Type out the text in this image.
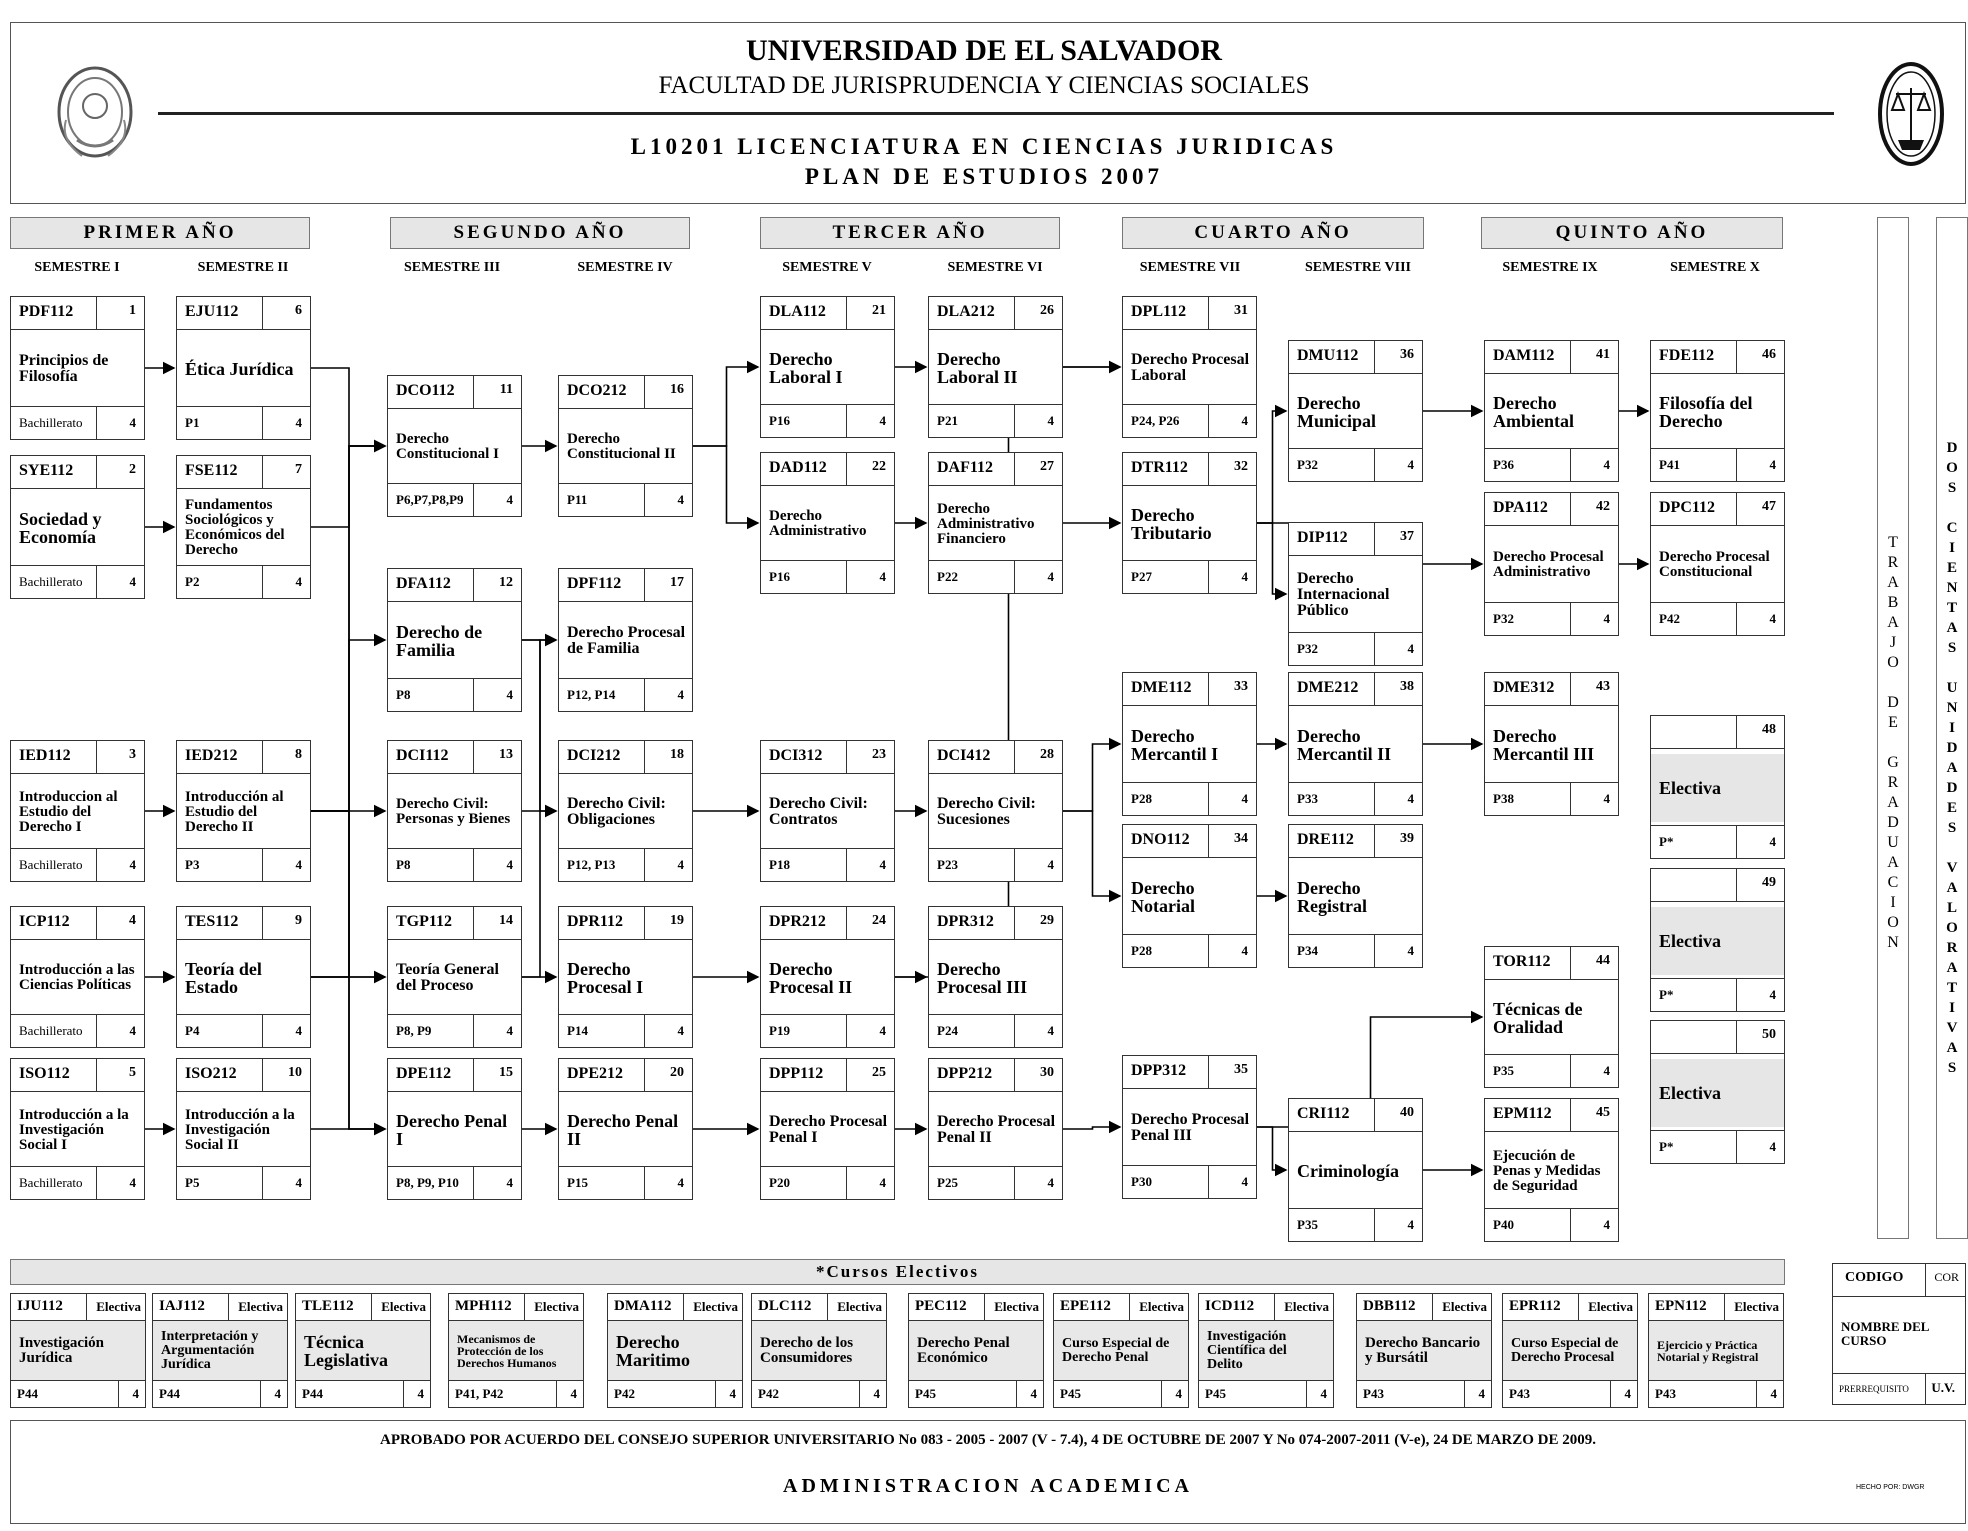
UNIVERSIDAD DE EL SALVADOR
FACULTAD DE JURISPRUDENCIA Y CIENCIAS SOCIALES
L10201 LICENCIATURA EN CIENCIAS JURIDICAS
PLAN DE ESTUDIOS 2007
PRIMER AÑO	SEGUNDO AÑO	TERCER AÑO	CUARTO AÑO	QUINTO AÑO
SEMESTRE I	SEMESTRE II	SEMESTRE III	SEMESTRE IV	SEMESTRE V	SEMESTRE VI	SEMESTRE VII	SEMESTRE VIII	SEMESTRE IX	SEMESTRE X
PDF112	1
Principios de Filosofía
Bachillerato	4
SYE112	2
Sociedad y Economía
Bachillerato	4
IED112	3
Introduccion al Estudio del Derecho I
Bachillerato	4
ICP112	4
Introducción a las Ciencias Políticas
Bachillerato	4
ISO112	5
Introducción a la Investigación Social I
Bachillerato	4
EJU112	6
Ética Jurídica
P1	4
FSE112	7
Fundamentos Sociológicos y Económicos del Derecho
P2	4
IED212	8
Introducción al Estudio del Derecho II
P3	4
TES112	9
Teoría del Estado
P4	4
ISO212	10
Introducción a la Investigación Social II
P5	4
DCO112	11
Derecho Constitucional I
P6,P7,P8,P9	4
DFA112	12
Derecho de Familia
P8	4
DCI112	13
Derecho Civil: Personas y Bienes
P8	4
TGP112	14
Teoría General del Proceso
P8, P9	4
DPE112	15
Derecho Penal I
P8, P9, P10	4
DCO212	16
Derecho Constitucional II
P11	4
DPF112	17
Derecho Procesal de Familia
P12, P14	4
DCI212	18
Derecho Civil: Obligaciones
P12, P13	4
DPR112	19
Derecho Procesal I
P14	4
DPE212	20
Derecho Penal II
P15	4
DLA112	21
Derecho Laboral I
P16	4
DAD112	22
Derecho Administrativo
P16	4
DCI312	23
Derecho Civil: Contratos
P18	4
DPR212	24
Derecho Procesal II
P19	4
DPP112	25
Derecho Procesal Penal I
P20	4
DLA212	26
Derecho Laboral II
P21	4
DAF112	27
Derecho Administrativo Financiero
P22	4
DCI412	28
Derecho Civil: Sucesiones
P23	4
DPR312	29
Derecho Procesal III
P24	4
DPP212	30
Derecho Procesal Penal II
P25	4
DPL112	31
Derecho Procesal Laboral
P24, P26	4
DTR112	32
Derecho Tributario
P27	4
DME112	33
Derecho Mercantil I
P28	4
DNO112	34
Derecho Notarial
P28	4
DPP312	35
Derecho Procesal Penal III
P30	4
DMU112	36
Derecho Municipal
P32	4
DIP112	37
Derecho Internacional Público
P32	4
DME212	38
Derecho Mercantil II
P33	4
DRE112	39
Derecho Registral
P34	4
CRI112	40
Criminología
P35	4
DAM112	41
Derecho Ambiental
P36	4
DPA112	42
Derecho Procesal Administrativo
P32	4
DME312	43
Derecho Mercantil III
P38	4
TOR112	44
Técnicas de Oralidad
P35	4
EPM112	45
Ejecución de Penas y Medidas de Seguridad
P40	4
FDE112	46
Filosofía del Derecho
P41	4
DPC112	47
Derecho Procesal Constitucional
P42	4
48
Electiva
P*	4
49
Electiva
P*	4
50
Electiva
P*	4
T
R
A
B
A
J
O

D
E

G
R
A
D
U
A
C
I
O
N
D
O
S

C
I
E
N
T
A
S

U
N
I
D
A
D
E
S

V
A
L
O
R
A
T
I
V
A
S
*Cursos Electivos
IJU112	Electiva
Investigación Jurídica
P44	4
IAJ112	Electiva
Interpretación y Argumentación Jurídica
P44	4
TLE112 Electiva
Técnica Legislativa
P44	4
MPH112 Electiva
Mecanismos de Protección de los Derechos Humanos
P41, P42	4
DMA112 Electiva
Derecho Maritimo
P42	4
DLC112 Electiva
Derecho de los Consumidores
P42	4
PEC112 Electiva
Derecho Penal Económico
P45	4
EPE112 Electiva
Curso Especial de Derecho Penal
P45	4
ICD112 Electiva
Investigación Científica del Delito
P45	4
DBB112 Electiva
Derecho Bancario y Bursátil
P43	4
EPR112 Electiva
Curso Especial de Derecho Procesal
P43	4
EPN112 Electiva
Ejercicio y Práctica Notarial y Registral
P43	4
CODIGO	COR
NOMBRE DEL CURSO
PRERREQUISITO U.V.
APROBADO POR ACUERDO DEL CONSEJO SUPERIOR UNIVERSITARIO No 083 - 2005 - 2007 (V - 7.4), 4 DE OCTUBRE DE 2007 Y No 074-2007-2011 (V-e), 24 DE MARZO DE 2009.
ADMINISTRACION ACADEMICA	HECHO POR: DWGR
